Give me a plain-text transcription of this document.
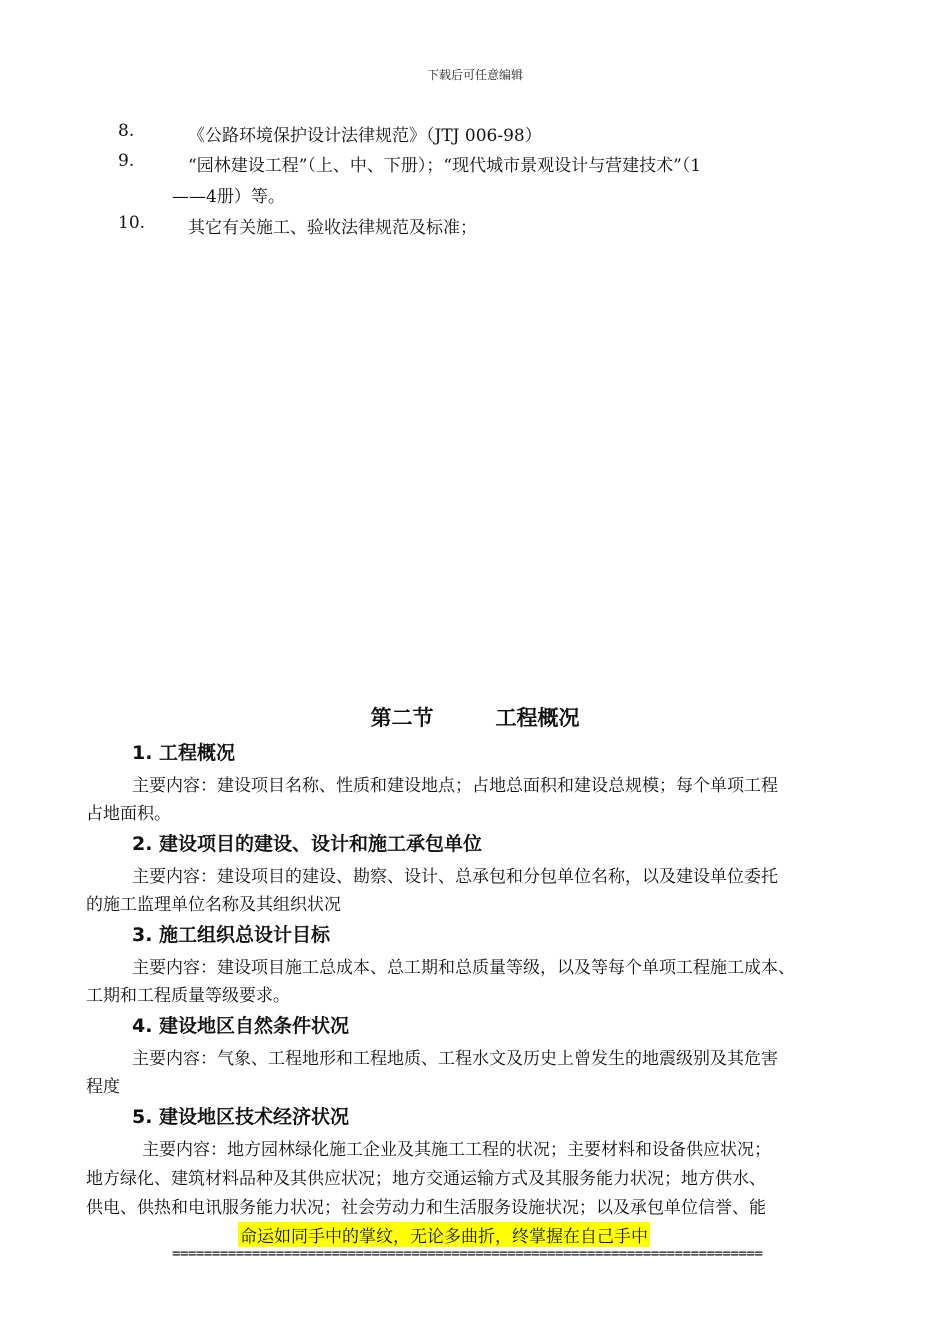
下载后可任意编辑
8.	《公路环境保护设计法律规范》（JTJ 006-98）
9.	“园林建设工程”（上、中、下册）；“现代城市景观设计与营建技术”（1
——4册）等。
10.	其它有关施工、验收法律规范及标准；
第二节	工程概况
1. 工程概况
主要内容：建设项目名称、性质和建设地点；占地总面积和建设总规模；每个单项工程
占地面积。
2. 建设项目的建设、设计和施工承包单位
主要内容：建设项目的建设、勘察、设计、总承包和分包单位名称，以及建设单位委托
的施工监理单位名称及其组织状况
3. 施工组织总设计目标
主要内容：建设项目施工总成本、总工期和总质量等级，以及等每个单项工程施工成本、
工期和工程质量等级要求。
4. 建设地区自然条件状况
主要内容：气象、工程地形和工程地质、工程水文及历史上曾发生的地震级别及其危害
程度
5. 建设地区技术经济状况
主要内容：地方园林绿化施工企业及其施工工程的状况；主要材料和设备供应状况；
地方绿化、建筑材料品种及其供应状况；地方交通运输方式及其服务能力状况；地方供水、
供电、供热和电讯服务能力状况；社会劳动力和生活服务设施状况；以及承包单位信誉、能
命运如同手中的掌纹，无论多曲折，终掌握在自己手中
==========================================================================
